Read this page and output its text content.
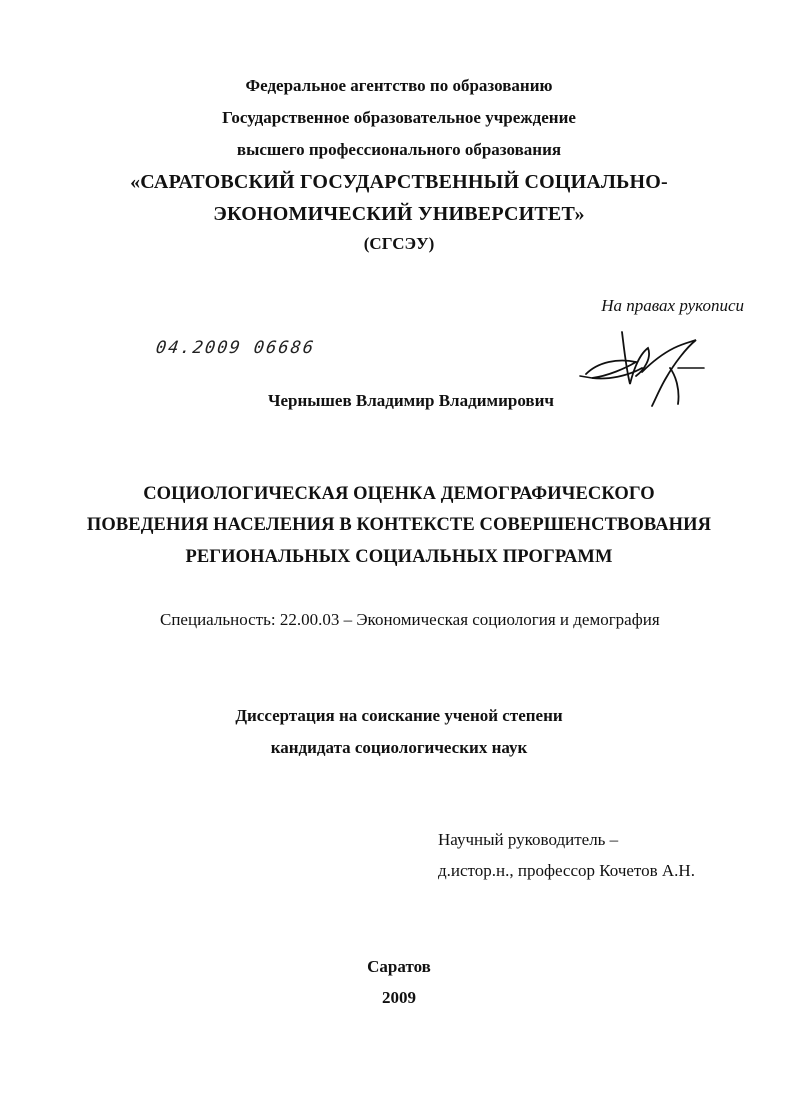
Федеральное агентство по образованию
Государственное образовательное учреждение
высшего профессионального образования
«САРАТОВСКИЙ ГОСУДАРСТВЕННЫЙ СОЦИАЛЬНО-
ЭКОНОМИЧЕСКИЙ УНИВЕРСИТЕТ»
(СГСЭУ)
На правах рукописи
04.2009 06686
Чернышев Владимир Владимирович
СОЦИОЛОГИЧЕСКАЯ ОЦЕНКА ДЕМОГРАФИЧЕСКОГО
ПОВЕДЕНИЯ НАСЕЛЕНИЯ В КОНТЕКСТЕ СОВЕРШЕНСТВОВАНИЯ
РЕГИОНАЛЬНЫХ СОЦИАЛЬНЫХ ПРОГРАММ
Специальность: 22.00.03 – Экономическая социология и демография
Диссертация на соискание ученой степени
кандидата социологических наук
Научный руководитель –
д.истор.н., профессор Кочетов А.Н.
Саратов
2009
